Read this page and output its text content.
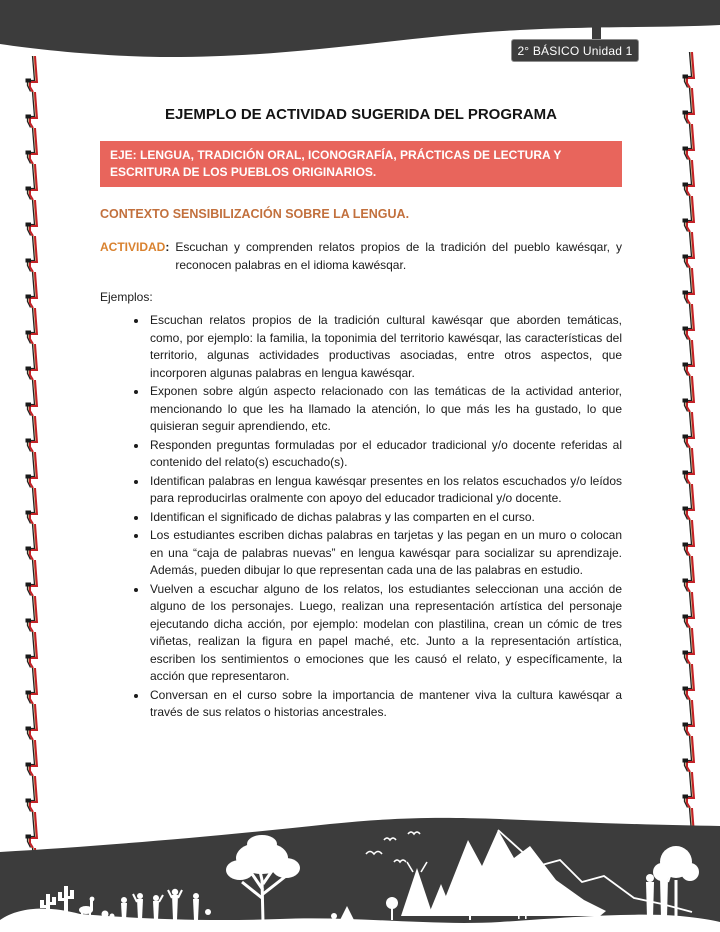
2° BÁSICO Unidad 1
EJEMPLO DE ACTIVIDAD SUGERIDA DEL PROGRAMA
EJE: LENGUA, TRADICIÓN ORAL, ICONOGRAFÍA, PRÁCTICAS DE LECTURA Y ESCRITURA DE LOS PUEBLOS ORIGINARIOS.
CONTEXTO SENSIBILIZACIÓN SOBRE LA LENGUA.
ACTIVIDAD : Escuchan y comprenden relatos propios de la tradición del pueblo kawésqar, y reconocen palabras en el idioma kawésqar.
Ejemplos:
• Escuchan relatos propios de la tradición cultural kawésqar que aborden temáticas, como, por ejemplo: la familia, la toponimia del territorio kawésqar, las características del territorio, algunas actividades productivas asociadas, entre otros aspectos, que incorporen algunas palabras en lengua kawésqar.
• Exponen sobre algún aspecto relacionado con las temáticas de la actividad anterior, mencionando lo que les ha llamado la atención, lo que más les ha gustado, lo que quisieran seguir aprendiendo, etc.
• Responden preguntas formuladas por el educador tradicional y/o docente referidas al contenido del relato(s) escuchado(s).
• Identifican palabras en lengua kawésqar presentes en los relatos escuchados y/o leídos para reproducirlas oralmente con apoyo del educador tradicional y/o docente.
• Identifican el significado de dichas palabras y las comparten en el curso.
• Los estudiantes escriben dichas palabras en tarjetas y las pegan en un muro o colocan en una “caja de palabras nuevas” en lengua kawésqar para socializar su aprendizaje. Además, pueden dibujar lo que representan cada una de las palabras en estudio.
• Vuelven a escuchar alguno de los relatos, los estudiantes seleccionan una acción de alguno de los personajes. Luego, realizan una representación artística del personaje ejecutando dicha acción, por ejemplo: modelan con plastilina, crean un cómic de tres viñetas, realizan la figura en papel maché, etc. Junto a la representación artística, escriben los sentimientos o emociones que les causó el relato, y específicamente, la acción que representaron.
• Conversan en el curso sobre la importancia de mantener viva la cultura kawésqar a través de sus relatos o historias ancestrales.
